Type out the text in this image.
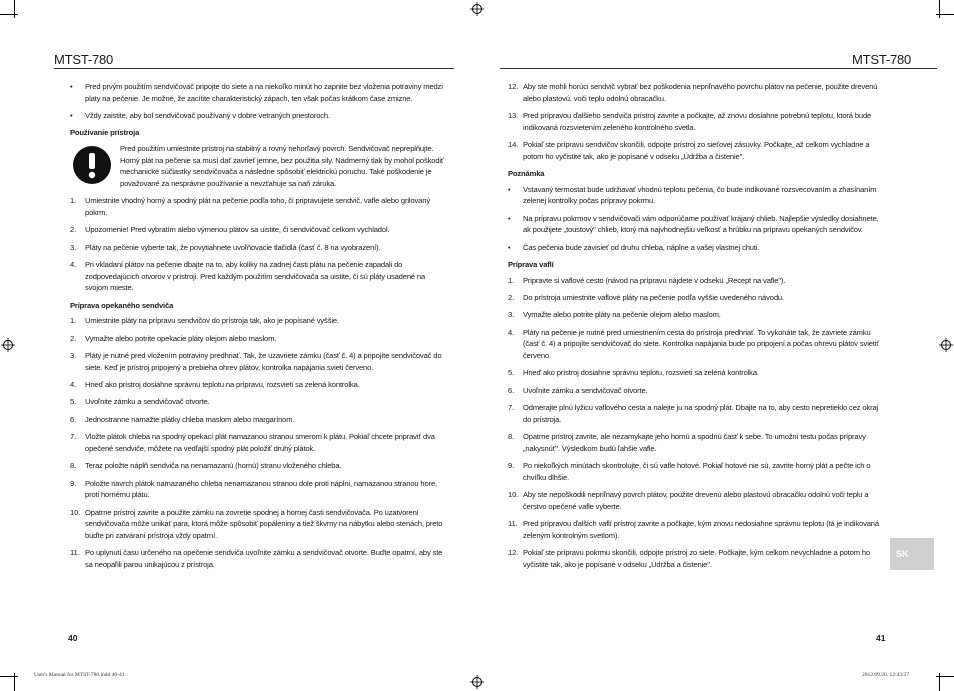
MTST-780	MTST-780
• Pred prvým použitím sendvičovač pripojte do siete a na niekoľko minút ho zapnite bez vloženia potraviny medzi platy na pečenie. Je možné, že zacítite charakteristický zápach, ten však počas krátkom čase zmizne.
• Vždy zaistite, aby bol sendvičovač používaný v dobre vetraných priestoroch.
Používanie prístroja
Pred použitím umiestnite prístroj na stabilný a rovný nehorľavý povrch. Sendvičovač nepreplňujte. Horný plát na pečenie sa musí dať zavrieť jemne, bez použitia sily. Nadmerný tlak by mohol poškodiť mechanické súčiastky sendvičovača a následne spôsobiť elektrickú poruchu. Také poškodenie je považované za nesprávne používanie a nevzťahuje sa naň záruka.
1.	Umiestnite vhodný horný a spodný plát na pečenie podľa toho, či pripravujete sendvič, vafle alebo grilovaný pokrm.
2.	Upozornenie! Pred vybratím alebo výmenou plátov sa uistite, či sendvičovač celkom vychladol.
3.	Pláty na pečenie vyberte tak, že povytiahnete uvoľňovacie tlačidlá (časť č. 8 na vyobrazení).
4.	Pri vkladaní plátov na pečenie dbajte na to, aby koliky na zadnej časti plátu na pečenie zapadali do zodpovedajúcich otvorov v prístroji. Pred každým použitím sendvičovača sa uistite, či sú pláty usadené na svojom mieste.
Príprava opekaného sendviča
1.	Umiestnite pláty na prípravu sendvičov do prístroja tak, ako je popísané vyššie.
2.	Vymažte alebo potrite opekacie pláty olejom alebo maslom.
3.	Pláty je nutné pred vložením potraviny predhriať. Tak, že uzavriete zámku (časť č. 4) a pripojíte sendvičovač do siete. Keď je prístroj pripojený a prebieha ohrev plátov, kontrolka napájania svieti červeno.
4.	Hneď ako prístroj dosiahne správnu teplotu na prípravu, rozsvieti sa zelená kontrolka.
5.	Uvoľnite zámku a sendvičovač otvorte.
6.	Jednostranne namažte plátky chleba maslom alebo margarínom.
7.	Vložte plátok chleba na spodný opekací plát namazanou stranou smerom k plátu. Pokiaľ chcete pripraviť dva opečené sendviče, môžete na vedľajší spodný plát položiť druhý plátok.
8.	Teraz položte náplň sendviča na nenamazanú (hornú) stranu vloženého chleba.
9.	Položte navrch plátok namazaného chleba nenamazanou stranou dole proti náplni, namazanou stranou hore, proti hornému plátu.
10. Opatrne prístroj zavrite a použite zámku na zovretie spodnej a hornej časti sendvičovača. Po uzatvorení sendvičovača môže unikať para, ktorá môže spôsobiť popáleniny a tiež škvrny na nábytku alebo stenách, preto buďte pri zatváraní prístroja vždy opatrní.
11. Po uplynutí času určeného na opečenie sendviča uvoľnite zámku a sendvičovač otvorte. Buďte opatrní, aby ste sa neopaľili parou unikajúcou z prístroja.
12. Aby ste mohli horúci sendvič vybrať bez poškodenia nepriľnavého povrchu plátov na pečenie, použite drevenú alebo plastovú, voči teplu odolnú obracačku.
13. Pred prípravou ďalšieho sendviča prístroj zavrite a počkajte, až znovu dosiahne potrebnú teplotu, ktorá bude indikovaná rozsvietením zeleného kontrolného svetla.
14. Pokiaľ ste prípravu sendvičov skončili, odpojte prístroj zo sieťovej zásuvky. Počkajte, až celkom vychladne a potom ho vyčistite tak, ako je popísané v odseku „Údržba a čistenie".
Poznámka
• Vstavaný termostat bude udržiavať vhodnú teplotu pečenia, čo bude indikované rozsvecovaním a zhasínaním zelenej kontrolky počas prípravy pokrmu.
• Na prípravu pokrmov v sendvičovači vám odporúčame používať krájaný chlieb. Najlepšie výsledky dosiahnete, ak použijete „toustový" chlieb, ktorý má najvhodnejšiu veľkosť a hrúbku na prípravu opekaných sendvičov.
• Čas pečenia bude závisieť od druhu chleba, náplne a vašej vlastnej chuti.
Príprava vaflí
1.	Pripravte si vaflové cesto (návod na prípravu nájdete v odseku „Recept na vafle").
2.	Do prístroja umiestnite vaflové pláty na pečenie podľa vyššie uvedeného návodu.
3.	Vymažte alebo potrite pláty na pečenie olejom alebo maslom.
4.	Pláty na pečenie je nutné pred umiestnením cesta do prístroja predhriať. To vykonáte tak, že zavriete zámku (časť č. 4) a pripojíte sendvičovač do siete. Kontrolka napájania bude po pripojení a počas ohrevu plátov svietiť červeno.
5.	Hneď ako prístroj dosiahne správnu teplotu, rozsvieti sa zelená kontrolka.
6.	Uvoľnite zámku a sendvičovač otvorte.
7.	Odmerajte plnú lyžicu vaflového cesta a nalejte ju na spodný plát. Dbajte na to, aby cesto nepretieklo cez okraj do prístroja.
8.	Opatrne prístroj zavrite, ale nezamykajte jeho hornú a spodnú časť k sebe. To umožní testu počas prípravy „nakysnúť". Výsledkom budú ľahšie vafle.
9.	Po niekoľkých minútach skontrolujte, či sú vafle hotové. Pokiaľ hotové nie sú, zavrite horný plát a pečte ich o chvíľku dlhšie.
10. Aby ste nepoškodili nepriľnavý povrch plátov, použite drevenú alebo plastovú obracačku odolnú voči teplu a čerstvo opečené vafle vyberte.
11. Pred prípravou ďalších vaflí prístroj zavrite a počkajte, kým znovu nedosiahne správnu teplotu (tá je indikovaná zeleným kontrolným svetlom).
12. Pokiaľ ste prípravu pokrmu skončili, odpojte prístroj zo siete. Počkajte, kým celkom nevychladne a potom ho vyčistite tak, ako je popísané v odseku „Údržba a čistenie".
40	41
SK
User's Manual for MTST-780.indd 40-41	2012.09.20. 12:43:37
